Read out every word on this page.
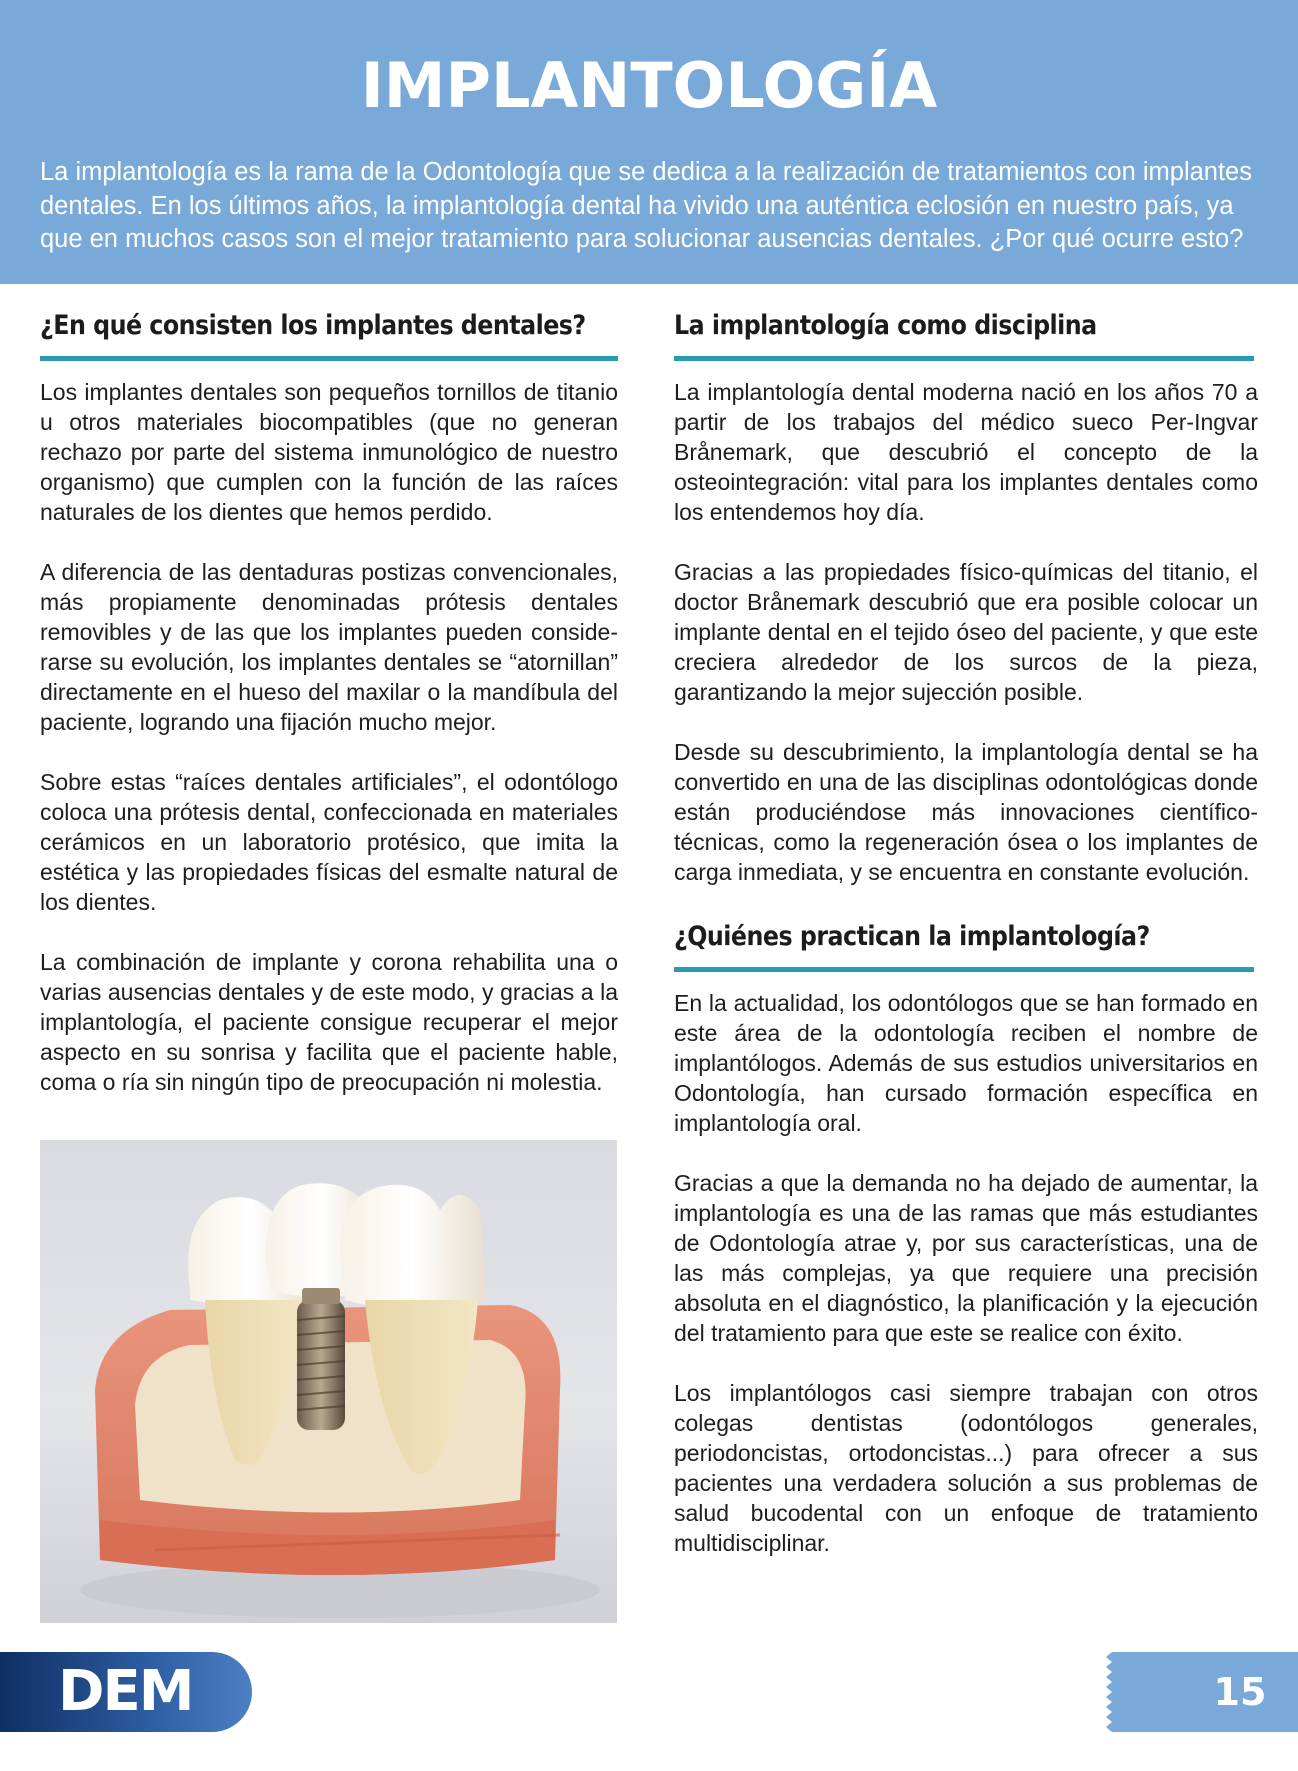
IMPLANTOLOGÍA

La implantología es la rama de la Odontología que se dedica a la realización de tratamientos con implantes dentales. En los últimos años, la implantología dental ha vivido una auténtica eclosión en nuestro país, ya que en muchos casos son el mejor tratamiento para solucionar ausencias dentales. ¿Por qué ocurre esto?

¿En qué consisten los implantes dentales?

Los implantes dentales son pequeños tornillos de titanio u otros materiales biocompatibles (que no generan rechazo por parte del sistema inmunológico de nuestro organismo) que cumplen con la función de las raíces naturales de los dientes que hemos perdido.

A diferencia de las dentaduras postizas convencionales, más propiamente denominadas prótesis dentales removibles y de las que los implantes pueden considerarse su evolución, los implantes dentales se “atornillan” directamente en el hueso del maxilar o la mandíbula del paciente, logrando una fijación mucho mejor.

Sobre estas “raíces dentales artificiales”, el odontólogo coloca una prótesis dental, confeccionada en materiales cerámicos en un laboratorio protésico, que imita la estética y las propiedades físicas del esmalte natural de los dientes.

La combinación de implante y corona rehabilita una o varias ausencias dentales y de este modo, y gracias a la implantología, el paciente consigue recuperar el mejor aspecto en su sonrisa y facilita que el paciente hable, coma o ría sin ningún tipo de preocupación ni molestia.

La implantología como disciplina

La implantología dental moderna nació en los años 70 a partir de los trabajos del médico sueco Per-Ingvar Brånemark, que descubrió el concepto de la osteointegración: vital para los implantes dentales como los entendemos hoy día.

Gracias a las propiedades físico-químicas del titanio, el doctor Brånemark descubrió que era posible colocar un implante dental en el tejido óseo del paciente, y que este creciera alrededor de los surcos de la pieza, garantizando la mejor sujección posible.

Desde su descubrimiento, la implantología dental se ha convertido en una de las disciplinas odontológicas donde están produciéndose más innovaciones científico-técnicas, como la regeneración ósea o los implantes de carga inmediata, y se encuentra en constante evolución.

¿Quiénes practican la implantología?

En la actualidad, los odontólogos que se han formado en este área de la odontología reciben el nombre de implantólogos. Además de sus estudios universitarios en Odontología, han cursado formación específica en implantología oral.

Gracias a que la demanda no ha dejado de aumentar, la implantología es una de las ramas que más estudiantes de Odontología atrae y, por sus características, una de las más complejas, ya que requiere una precisión absoluta en el diagnóstico, la planificación y la ejecución del tratamiento para que este se realice con éxito.

Los implantólogos casi siempre trabajan con otros colegas dentistas (odontólogos generales, periodoncistas, ortodoncistas...) para ofrecer a sus pacientes una verdadera solución a sus problemas de salud bucodental con un enfoque de tratamiento multidisciplinar.

DEM	15
